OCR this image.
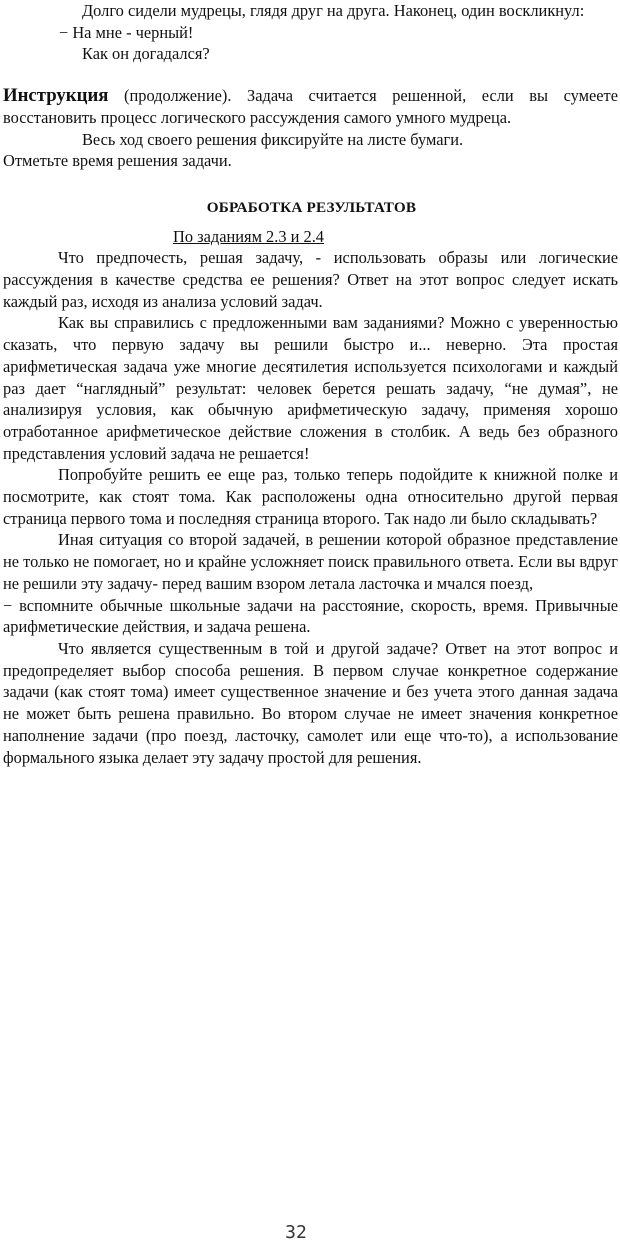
Долго сидели мудрецы, глядя друг на друга. Наконец, один воскликнул:

− На мне - черный!

Как он догадался?

Инструкция (продолжение). Задача считается решенной, если вы сумеете восстановить процесс логического рассуждения самого умного мудреца.

Весь ход своего решения фиксируйте на листе бумаги.

Отметьте время решения задачи.

ОБРАБОТКА РЕЗУЛЬТАТОВ

По заданиям 2.3 и 2.4

Что предпочесть, решая задачу, - использовать образы или логические рассуждения в качестве средства ее решения? Ответ на этот вопрос следует искать каждый раз, исходя из анализа условий задач.

Как вы справились с предложенными вам заданиями? Можно с уверенностью сказать, что первую задачу вы решили быстро и... неверно. Эта простая арифметическая задача уже многие десятилетия используется психологами и каждый раз дает “наглядный” результат: человек берется решать задачу, “не думая”, не анализируя условия, как обычную арифметическую задачу, применяя хорошо отработанное арифметическое действие сложения в столбик. А ведь без образного представления условий задача не решается!

Попробуйте решить ее еще раз, только теперь подойдите к книжной полке и посмотрите, как стоят тома. Как расположены одна относительно другой первая страница первого тома и последняя страница второго. Так надо ли было складывать?

Иная ситуация со второй задачей, в решении которой образное представление не только не помогает, но и крайне усложняет поиск правильного ответа. Если вы вдруг не решили эту задачу- перед вашим взором летала ласточка и мчался поезд,

− вспомните обычные школьные задачи на расстояние, скорость, время. Привычные арифметические действия, и задача решена.

Что является существенным в той и другой задаче? Ответ на этот вопрос и предопределяет выбор способа решения. В первом случае конкретное содержание задачи (как стоят тома) имеет существенное значение и без учета этого данная задача не может быть решена правильно. Во втором случае не имеет значения конкретное наполнение задачи (про поезд, ласточку, самолет или еще что-то), а использование формального языка делает эту задачу простой для решения.

32
